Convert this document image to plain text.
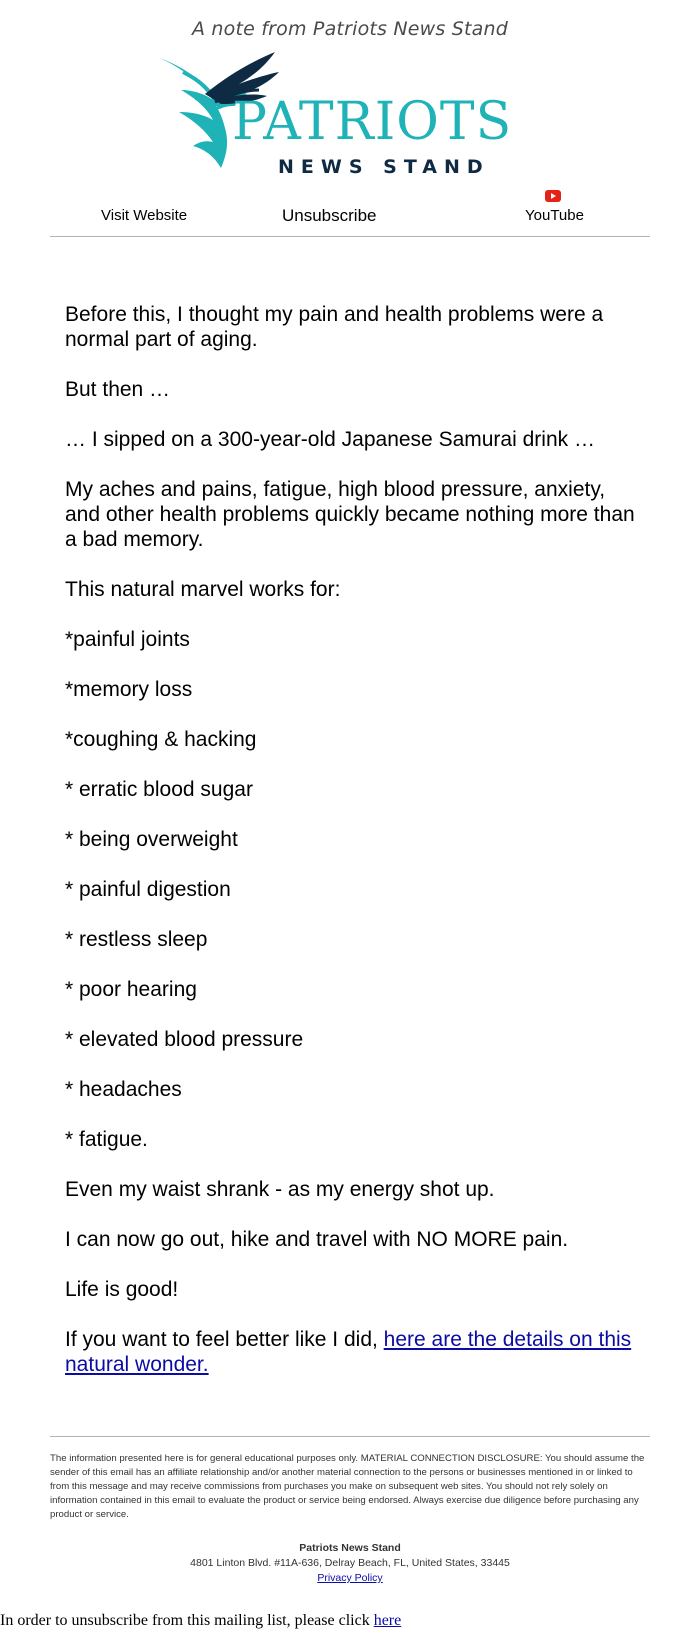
A note from Patriots News Stand
PATRIOTS
NEWS STAND
Visit Website	Unsubscribe	YouTube

Before this, I thought my pain and health problems were a normal part of aging.

But then …

… I sipped on a 300-year-old Japanese Samurai drink …

My aches and pains, fatigue, high blood pressure, anxiety, and other health problems quickly became nothing more than a bad memory.

This natural marvel works for:

*painful joints

*memory loss

*coughing & hacking

* erratic blood sugar

* being overweight

* painful digestion

* restless sleep

* poor hearing

* elevated blood pressure

* headaches

* fatigue.

Even my waist shrank - as my energy shot up.

I can now go out, hike and travel with NO MORE pain.

Life is good!

If you want to feel better like I did, here are the details on this natural wonder.

The information presented here is for general educational purposes only. MATERIAL CONNECTION DISCLOSURE: You should assume the sender of this email has an affiliate relationship and/or another material connection to the persons or businesses mentioned in or linked to from this message and may receive commissions from purchases you make on subsequent web sites. You should not rely solely on information contained in this email to evaluate the product or service being endorsed. Always exercise due diligence before purchasing any product or service.
Patriots News Stand
4801 Linton Blvd. #11A-636, Delray Beach, FL, United States, 33445
Privacy Policy
In order to unsubscribe from this mailing list, please click here
